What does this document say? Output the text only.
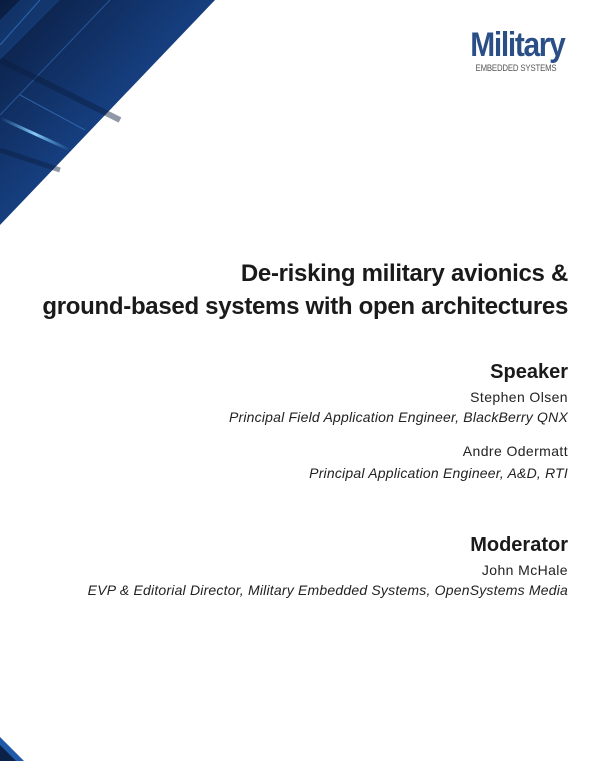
Military
EMBEDDED SYSTEMS
De-risking military avionics &
ground-based systems with open architectures
Speaker
Stephen Olsen
Principal Field Application Engineer, BlackBerry QNX
Andre Odermatt
Principal Application Engineer, A&D, RTI
Moderator
John McHale
EVP & Editorial Director, Military Embedded Systems, OpenSystems Media
